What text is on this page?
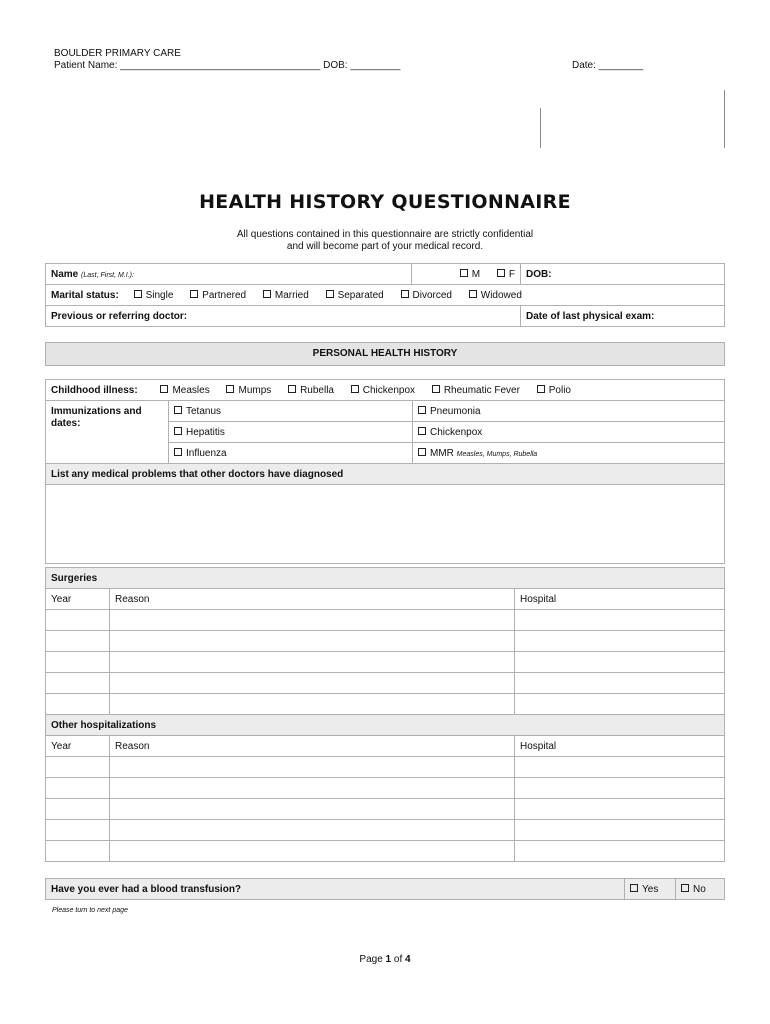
BOULDER PRIMARY CARE
Patient Name: ____________________________________ DOB: _________	Date: ________
HEALTH HISTORY QUESTIONNAIRE
All questions contained in this questionnaire are strictly confidential
and will become part of your medical record.
Name (Last, First, M.I.):	M F	DOB:
Marital status: Single Partnered Married Separated Divorced Widowed		
Previous or referring doctor:		Date of last physical exam:
PERSONAL HEALTH HISTORY
Childhood illness: Measles Mumps Rubella Chickenpox Rheumatic Fever Polio		
Immunizations and dates:	Tetanus	Pneumonia
	Hepatitis	Chickenpox
	Influenza	MMR Measles, Mumps, Rubella
List any medical problems that other doctors have diagnosed		

Surgeries		
Year	Reason	Hospital

Other hospitalizations		
Year	Reason	Hospital

Have you ever had a blood transfusion?	Yes	No
Please turn to next page
Page 1 of 4
